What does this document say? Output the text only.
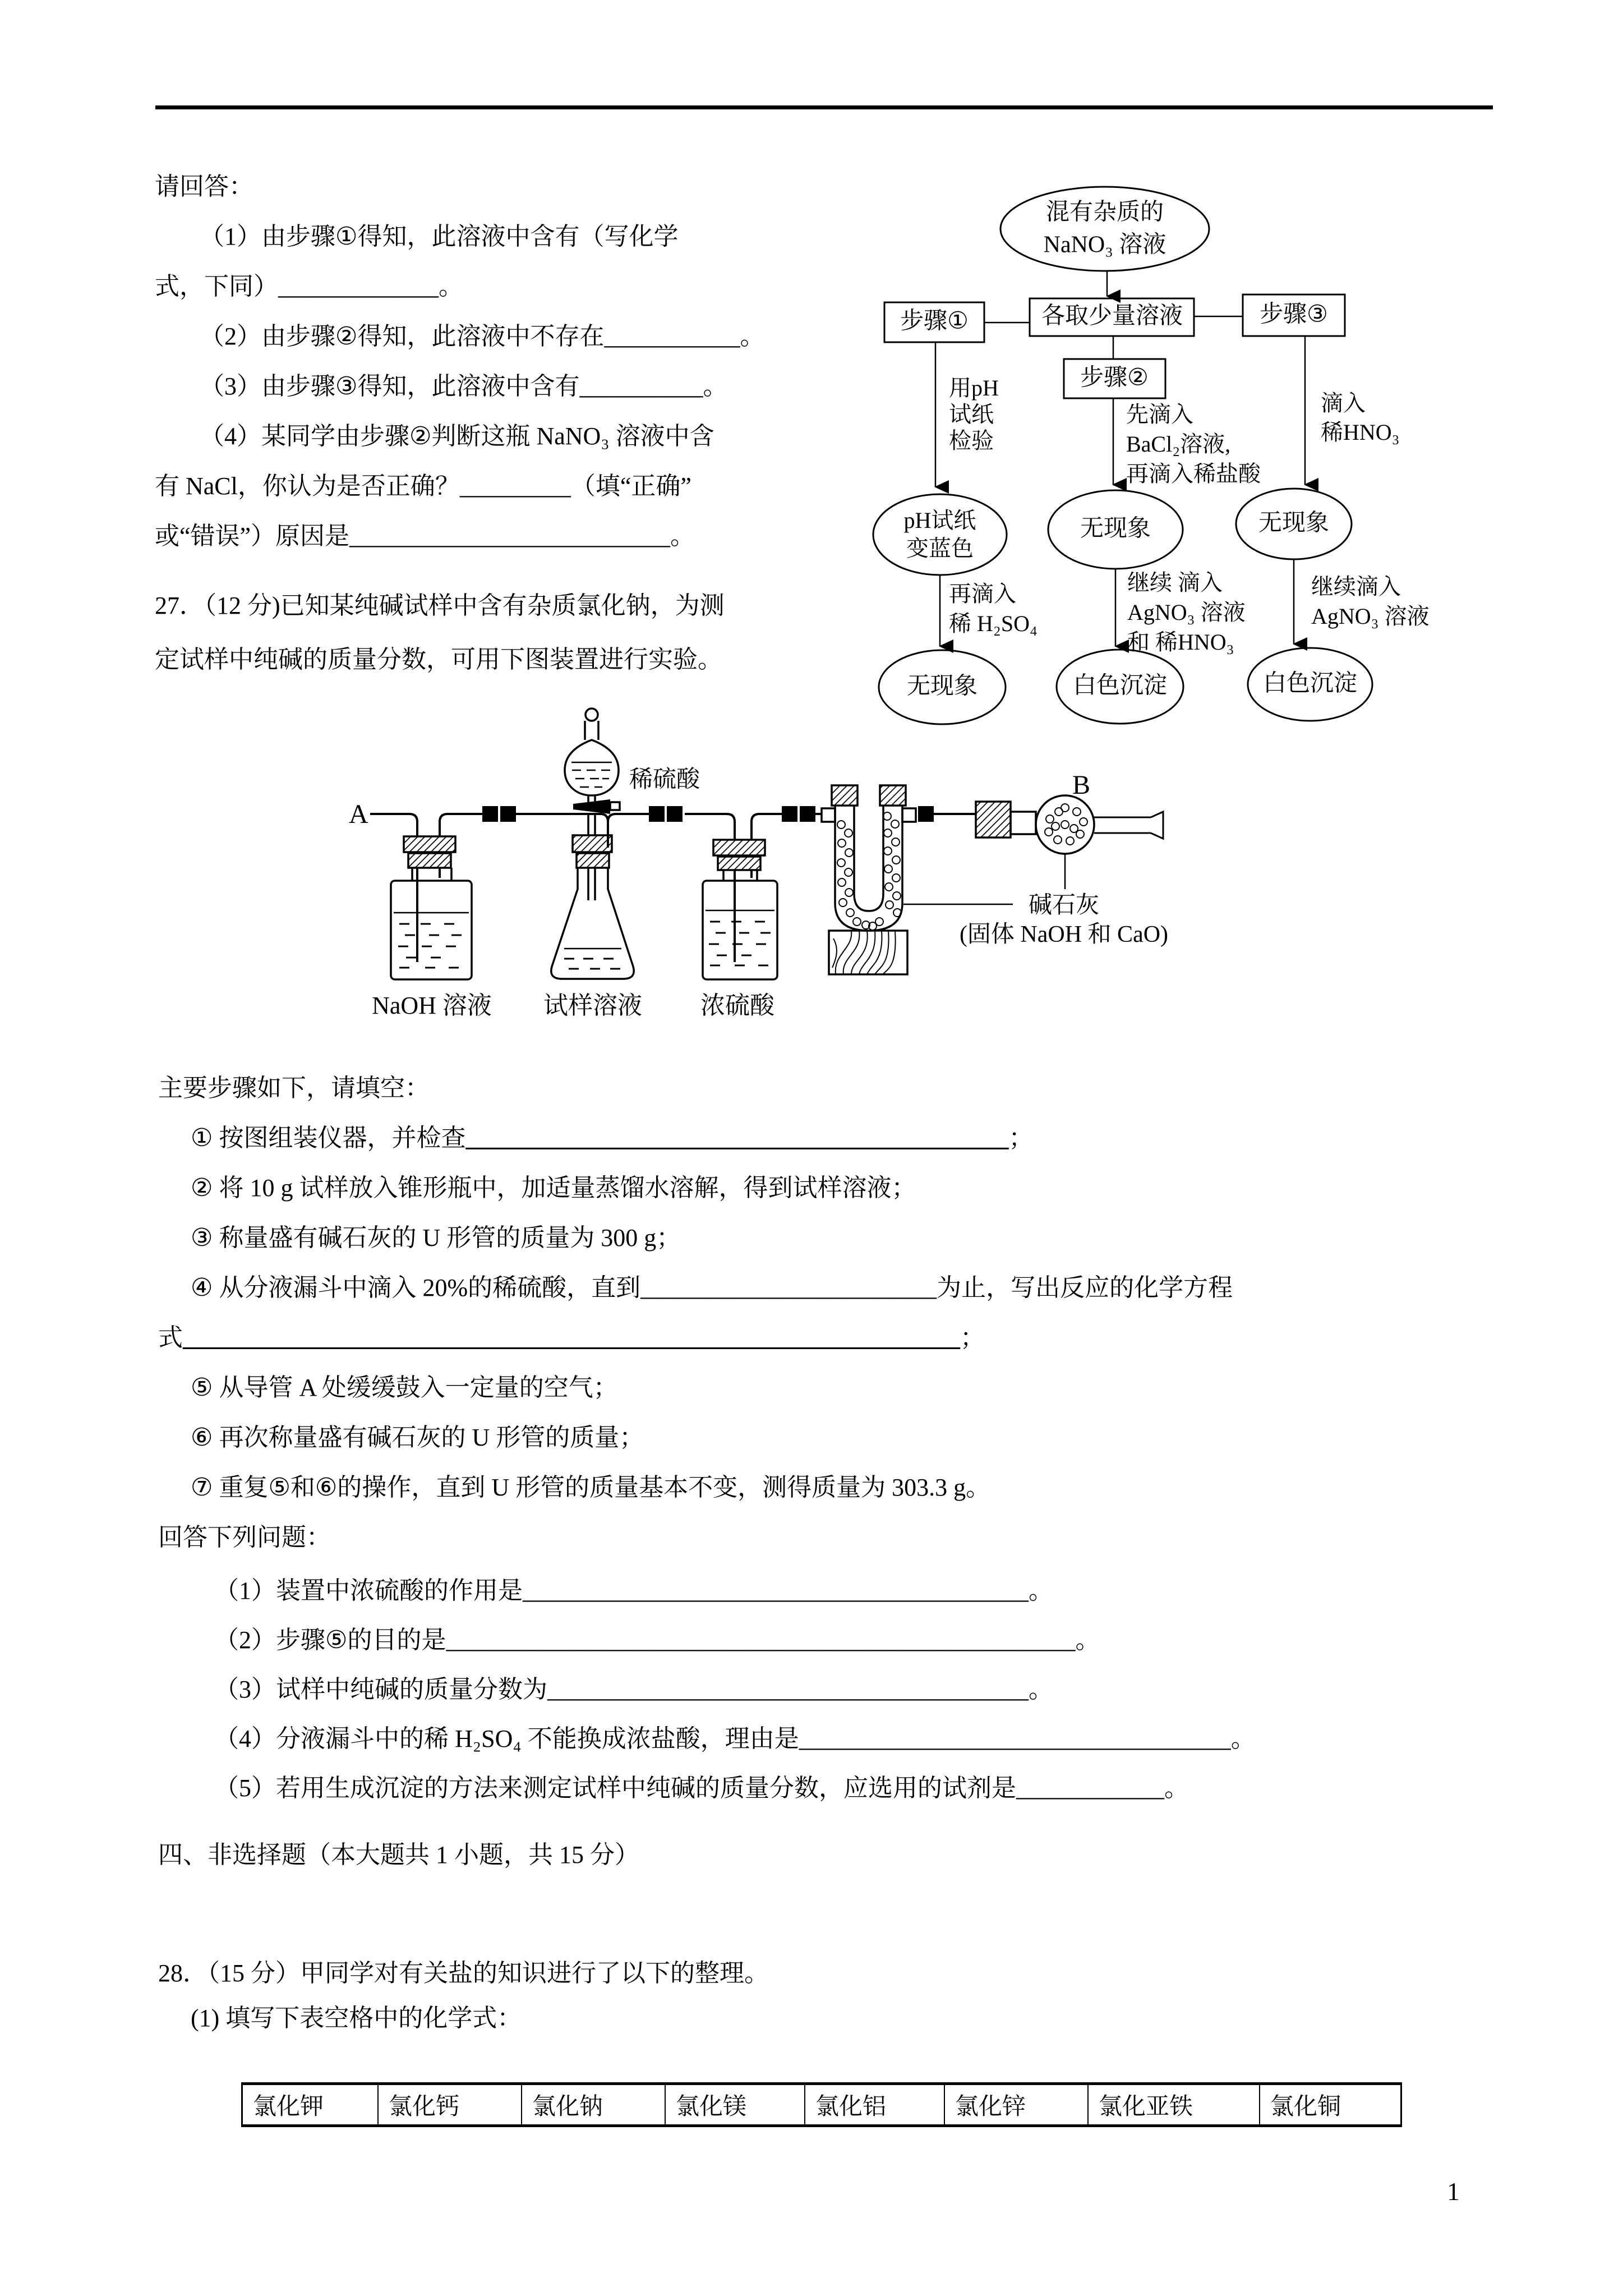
请回答：
（1）由步骤①得知，此溶液中含有（写化学
式，下同）_____________。
（2）由步骤②得知，此溶液中不存在___________。
（3）由步骤③得知，此溶液中含有__________。
（4）某同学由步骤②判断这瓶 NaNO₃ 溶液中含
有 NaCl，你认为是否正确？_________（填“正确”
或“错误”）原因是__________________________。
混有杂质的
NaNO₃ 溶液
各取少量溶液
步骤①	步骤③
步骤②
用pH
试纸
检验
pH试纸
变蓝色
再滴入
稀 H₂SO₄
无现象
先滴入
BaCl₂溶液,
再滴入稀盐酸
无现象
继续 滴入
AgNO₃ 溶液
和 稀HNO₃
白色沉淀
滴入
稀HNO₃
无现象
继续滴入
AgNO₃ 溶液
白色沉淀
27．（12 分)已知某纯碱试样中含有杂质氯化钠，为测
定试样中纯碱的质量分数，可用下图装置进行实验。
A
稀硫酸	B
碱石灰
(固体 NaOH 和 CaO)
NaOH 溶液 试样溶液 浓硫酸
主要步骤如下，请填空：
① 按图组装仪器，并检查____________________________________________；
② 将 10 g 试样放入锥形瓶中，加适量蒸馏水溶解，得到试样溶液；
③ 称量盛有碱石灰的 U 形管的质量为 300 g；
④ 从分液漏斗中滴入 20%的稀硫酸，直到________________________为止，写出反应的化学方程
式_______________________________________________________________；
⑤ 从导管 A 处缓缓鼓入一定量的空气；
⑥ 再次称量盛有碱石灰的 U 形管的质量；
⑦ 重复⑤和⑥的操作，直到 U 形管的质量基本不变，测得质量为 303.3 g。
回答下列问题：
（1）装置中浓硫酸的作用是_________________________________________。
（2）步骤⑤的目的是___________________________________________________。
（3）试样中纯碱的质量分数为_______________________________________。
（4）分液漏斗中的稀 H₂SO₄ 不能换成浓盐酸，理由是___________________________________。
（5）若用生成沉淀的方法来测定试样中纯碱的质量分数，应选用的试剂是____________。
四、非选择题（本大题共 1 小题，共 15 分）
28．（15 分）甲同学对有关盐的知识进行了以下的整理。
(1) 填写下表空格中的化学式：
氯化钾	氯化钙	氯化钠	氯化镁	氯化铝	氯化锌	氯化亚铁	氯化铜
1
